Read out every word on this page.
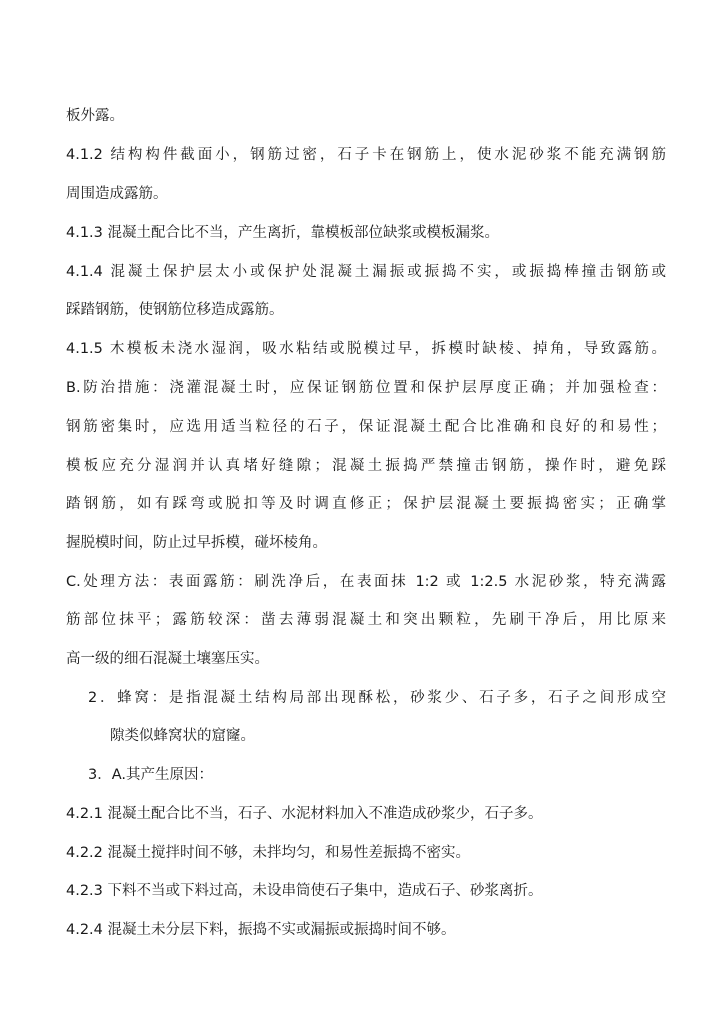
板外露。
4.1.2 结构构件截面小，钢筋过密，石子卡在钢筋上，使水泥砂浆不能充满钢筋
周围造成露筋。
4.1.3 混凝土配合比不当，产生离折，靠模板部位缺浆或模板漏浆。
4.1.4 混凝土保护层太小或保护处混凝土漏振或振捣不实，或振捣棒撞击钢筋或
踩踏钢筋，使钢筋位移造成露筋。
4.1.5 木模板未浇水湿润，吸水粘结或脱模过早，拆模时缺棱、掉角，导致露筋。
B.防治措施：浇灌混凝土时，应保证钢筋位置和保护层厚度正确；并加强检查：
钢筋密集时，应选用适当粒径的石子，保证混凝土配合比准确和良好的和易性；
模板应充分湿润并认真堵好缝隙；混凝土振捣严禁撞击钢筋，操作时，避免踩
踏钢筋，如有踩弯或脱扣等及时调直修正；保护层混凝土要振捣密实；正确掌
握脱模时间，防止过早拆模，碰坏棱角。
C.处理方法：表面露筋：刷洗净后，在表面抹 1:2 或 1:2.5 水泥砂浆，特充满露
筋部位抹平；露筋较深：凿去薄弱混凝土和突出颗粒，先刷干净后，用比原来
高一级的细石混凝土壤塞压实。
2．蜂窝：是指混凝土结构局部出现酥松，砂浆少、石子多，石子之间形成空
隙类似蜂窝状的窟窿。
3．A.其产生原因：
4.2.1 混凝土配合比不当，石子、水泥材料加入不准造成砂浆少，石子多。
4.2.2 混凝土搅拌时间不够，未拌均匀，和易性差振捣不密实。
4.2.3 下料不当或下料过高，未设串筒使石子集中，造成石子、砂浆离折。
4.2.4 混凝土未分层下料，振捣不实或漏振或振捣时间不够。
